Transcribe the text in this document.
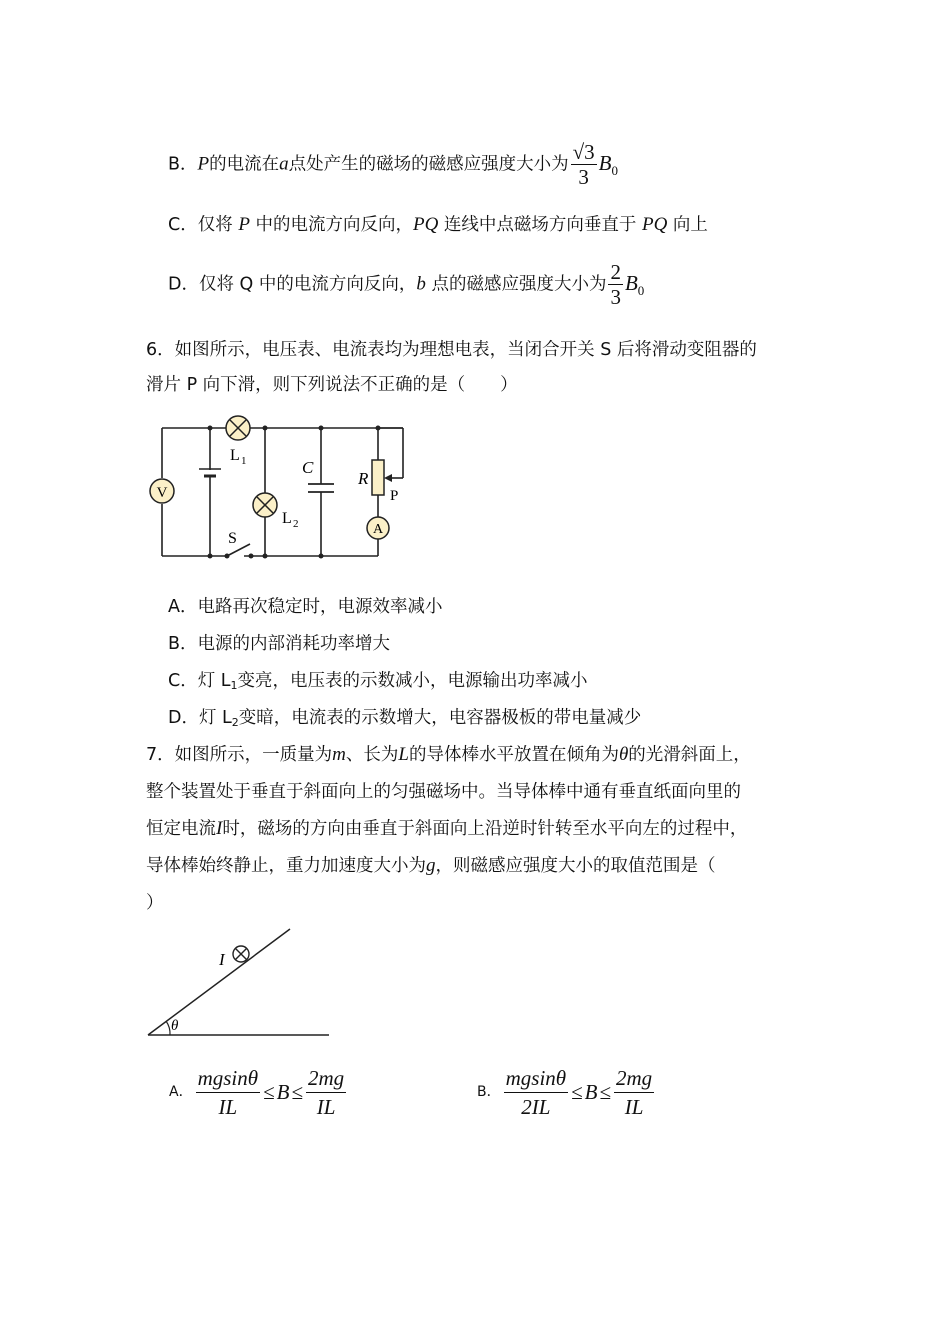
B．P的电流在a点处产生的磁场的磁感应强度大小为 $\frac{√3}{3} B_0$
C．仅将 P 中的电流方向反向，PQ 连线中点磁场方向垂直于 PQ 向上
D．仅将 Q 中的电流方向反向，b 点的磁感应强度大小为 $\frac{2}{3} B_0$
6．如图所示，电压表、电流表均为理想电表，当闭合开关 S 后将滑动变阻器的
滑片 P 向下滑，则下列说法不正确的是（　　）
V
L 1
L 2
C
R
P
A
S
A．电路再次稳定时，电源效率减小
B．电源的内部消耗功率增大
C．灯 $L_1$变亮，电压表的示数减小，电源输出功率减小
D．灯 $L_2$变暗，电流表的示数增大，电容器极板的带电量减少
7．如图所示，一质量为m、长为L的导体棒水平放置在倾角为θ的光滑斜面上，
整个装置处于垂直于斜面向上的匀强磁场中。当导体棒中通有垂直纸面向里的
恒定电流I时，磁场的方向由垂直于斜面向上沿逆时针转至水平向左的过程中，
导体棒始终静止，重力加速度大小为g，则磁感应强度大小的取值范围是（
）
θ
I
A． $\frac{mgsin\theta}{IL} \le B\le \frac{2mg}{IL}$	B． $\frac{mgsin\theta}{2IL} \le B\le \frac{2mg}{IL}$
